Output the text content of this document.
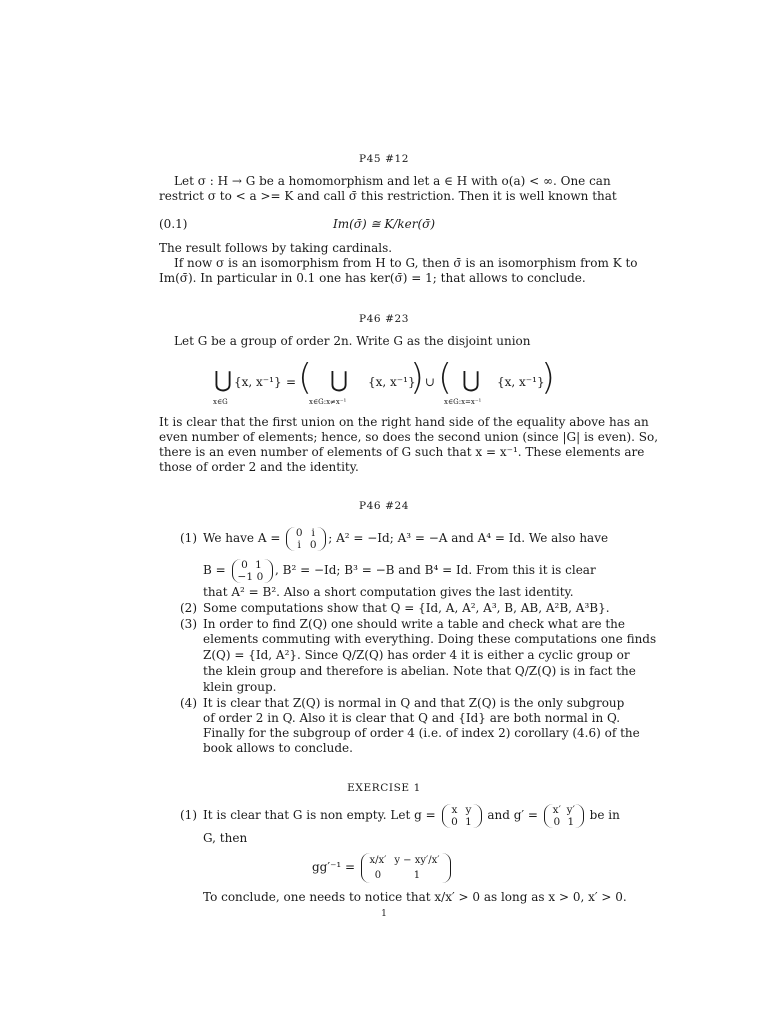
P45 #12
Let σ : H → G be a homomorphism and let a ∈ H with o(a) < ∞. One can
restrict σ to < a >= K and call σ̄ this restriction. Then it is well known that
(0.1)	Im(σ̄) ≅ K/ker(σ̄)
The result follows by taking cardinals.
If now σ is an isomorphism from H to G, then σ̄ is an isomorphism from K to
Im(σ̄). In particular in 0.1 one has ker(σ̄) = 1; that allows to conclude.
P46 #23
Let G be a group of order 2n. Write G as the disjoint union
⋃
x∈G
{x, x⁻¹} = ( ⋃
x∈G:x≠x⁻¹
{x, x⁻¹}
) ∪ ( ⋃
x∈G:x=x⁻¹
{x, x⁻¹}
)
It is clear that the first union on the right hand side of the equality above has an
even number of elements; hence, so does the second union (since |G| is even). So,
there is an even number of elements of G such that x = x⁻¹. These elements are
those of order 2 and the identity.
P46 #24
(1) We have A = 0 i
i 0 ; A² = −Id; A³ = −A and A⁴ = Id. We also have
B = 0 1
−1 0 , B² = −Id; B³ = −B and B⁴ = Id. From this it is clear
that A² = B². Also a short computation gives the last identity.
(2) Some computations show that Q = {Id, A, A², A³, B, AB, A²B, A³B}.
(3) In order to find Z(Q) one should write a table and check what are the
elements commuting with everything. Doing these computations one finds
Z(Q) = {Id, A²}. Since Q/Z(Q) has order 4 it is either a cyclic group or
the klein group and therefore is abelian. Note that Q/Z(Q) is in fact the
klein group.
(4) It is clear that Z(Q) is normal in Q and that Z(Q) is the only subgroup
of order 2 in Q. Also it is clear that Q and {Id} are both normal in Q.
Finally for the subgroup of order 4 (i.e. of index 2) corollary (4.6) of the
book allows to conclude.
EXERCISE 1
(1) It is clear that G is non empty. Let g = x y
0 1 and g′ = x′ y′
0 1 be in
G, then
gg′⁻¹ = x/x′ y − xy′/x′
0	1
To conclude, one needs to notice that x/x′ > 0 as long as x > 0, x′ > 0.
1
